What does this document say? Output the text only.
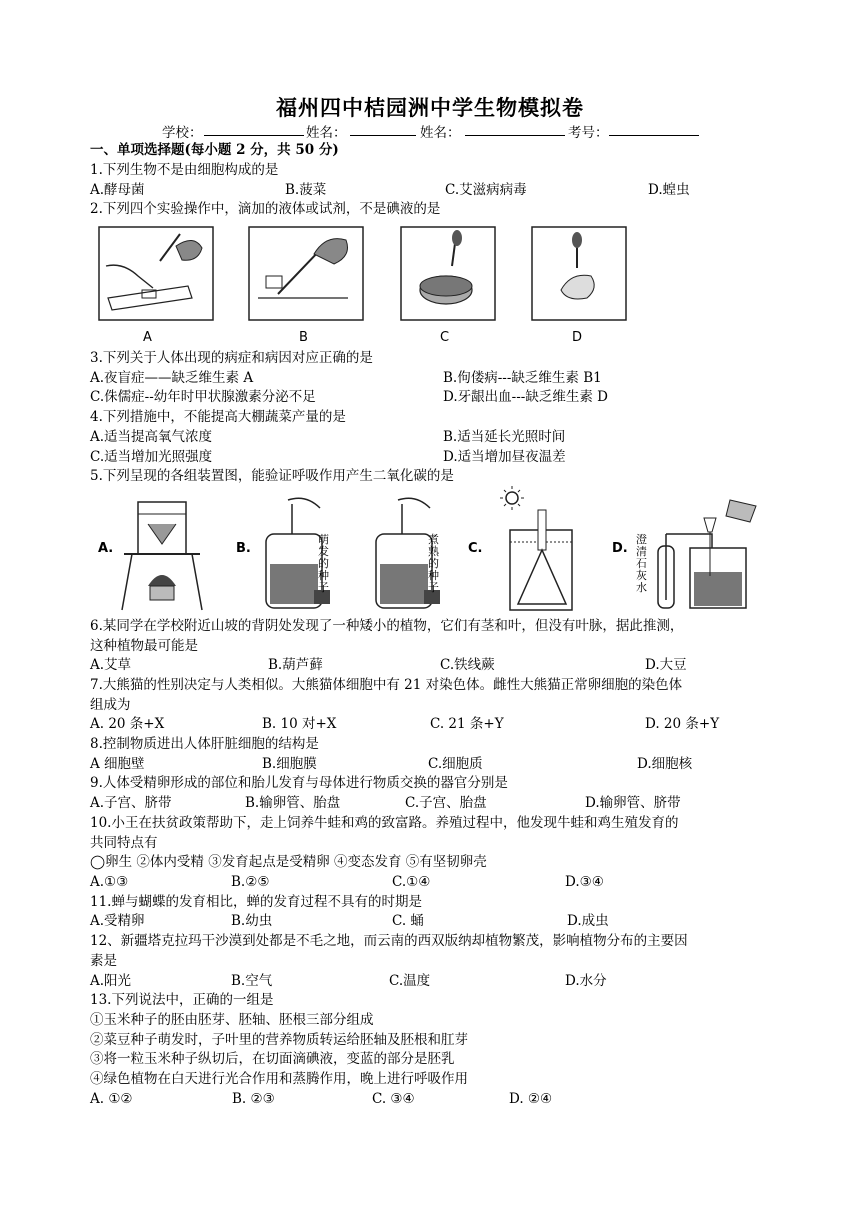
福州四中桔园洲中学生物模拟卷
学校：	姓名：	姓名：	考号：
一、单项选择题(每小题 2 分，共 50 分)
1.下列生物不是由细胞构成的是
A.酵母菌	B.菠菜	C.艾滋病病毒	D.蝗虫
2.下列四个实验操作中，滴加的液体或试剂，不是碘液的是
A	B	C	D
3.下列关于人体出现的病症和病因对应正确的是
A.夜盲症——缺乏维生素 A	B.佝偻病---缺乏维生素 B1
C.侏儒症--幼年时甲状腺激素分泌不足	D.牙龈出血---缺乏维生素 D
4.下列措施中，不能提高大棚蔬菜产量的是
A.适当提高氧气浓度	B.适当延长光照时间
C.适当增加光照强度	D.适当增加昼夜温差
5.下列呈现的各组装置图，能验证呼吸作用产生二氧化碳的是
A.	B.
萌发的种子
煮熟的种子
C.	D.
澄清石灰水
6.某同学在学校附近山坡的背阴处发现了一种矮小的植物，它们有茎和叶，但没有叶脉，据此推测，
这种植物最可能是
A.艾草	B.葫芦藓	C.铁线蕨	D.大豆
7.大熊猫的性别决定与人类相似。大熊猫体细胞中有 21 对染色体。雌性大熊猫正常卵细胞的染色体
组成为
A. 20 条+X	B. 10 对+X	C. 21 条+Y	D. 20 条+Y
8.控制物质进出人体肝脏细胞的结构是
A 细胞壁	B.细胞膜	C.细胞质	D.细胞核
9.人体受精卵形成的部位和胎儿发育与母体进行物质交换的器官分别是
A.子宫、脐带	B.输卵管、胎盘	C.子宫、胎盘	D.输卵管、脐带
10.小王在扶贫政策帮助下，走上饲养牛蛙和鸡的致富路。养殖过程中，他发现牛蛙和鸡生殖发育的
共同特点有
◯卵生 ②体内受精 ③发育起点是受精卵 ④变态发育 ⑤有坚韧卵壳
A.①③	B.②⑤	C.①④	D.③④
11.蝉与蝴蝶的发育相比，蝉的发育过程不具有的时期是
A.受精卵	B.幼虫	C. 蛹	D.成虫
12、新疆塔克拉玛干沙漠到处都是不毛之地，而云南的西双版纳却植物繁茂，影响植物分布的主要因
素是
A.阳光	B.空气	C.温度	D.水分
13.下列说法中，正确的一组是
①玉米种子的胚由胚芽、胚轴、胚根三部分组成
②菜豆种子萌发时，子叶里的营养物质转运给胚轴及胚根和肛芽
③将一粒玉米种子纵切后，在切面滴碘液，变蓝的部分是胚乳
④绿色植物在白天进行光合作用和蒸腾作用，晚上进行呼吸作用
A. ①②	B. ②③	C. ③④	D. ②④
